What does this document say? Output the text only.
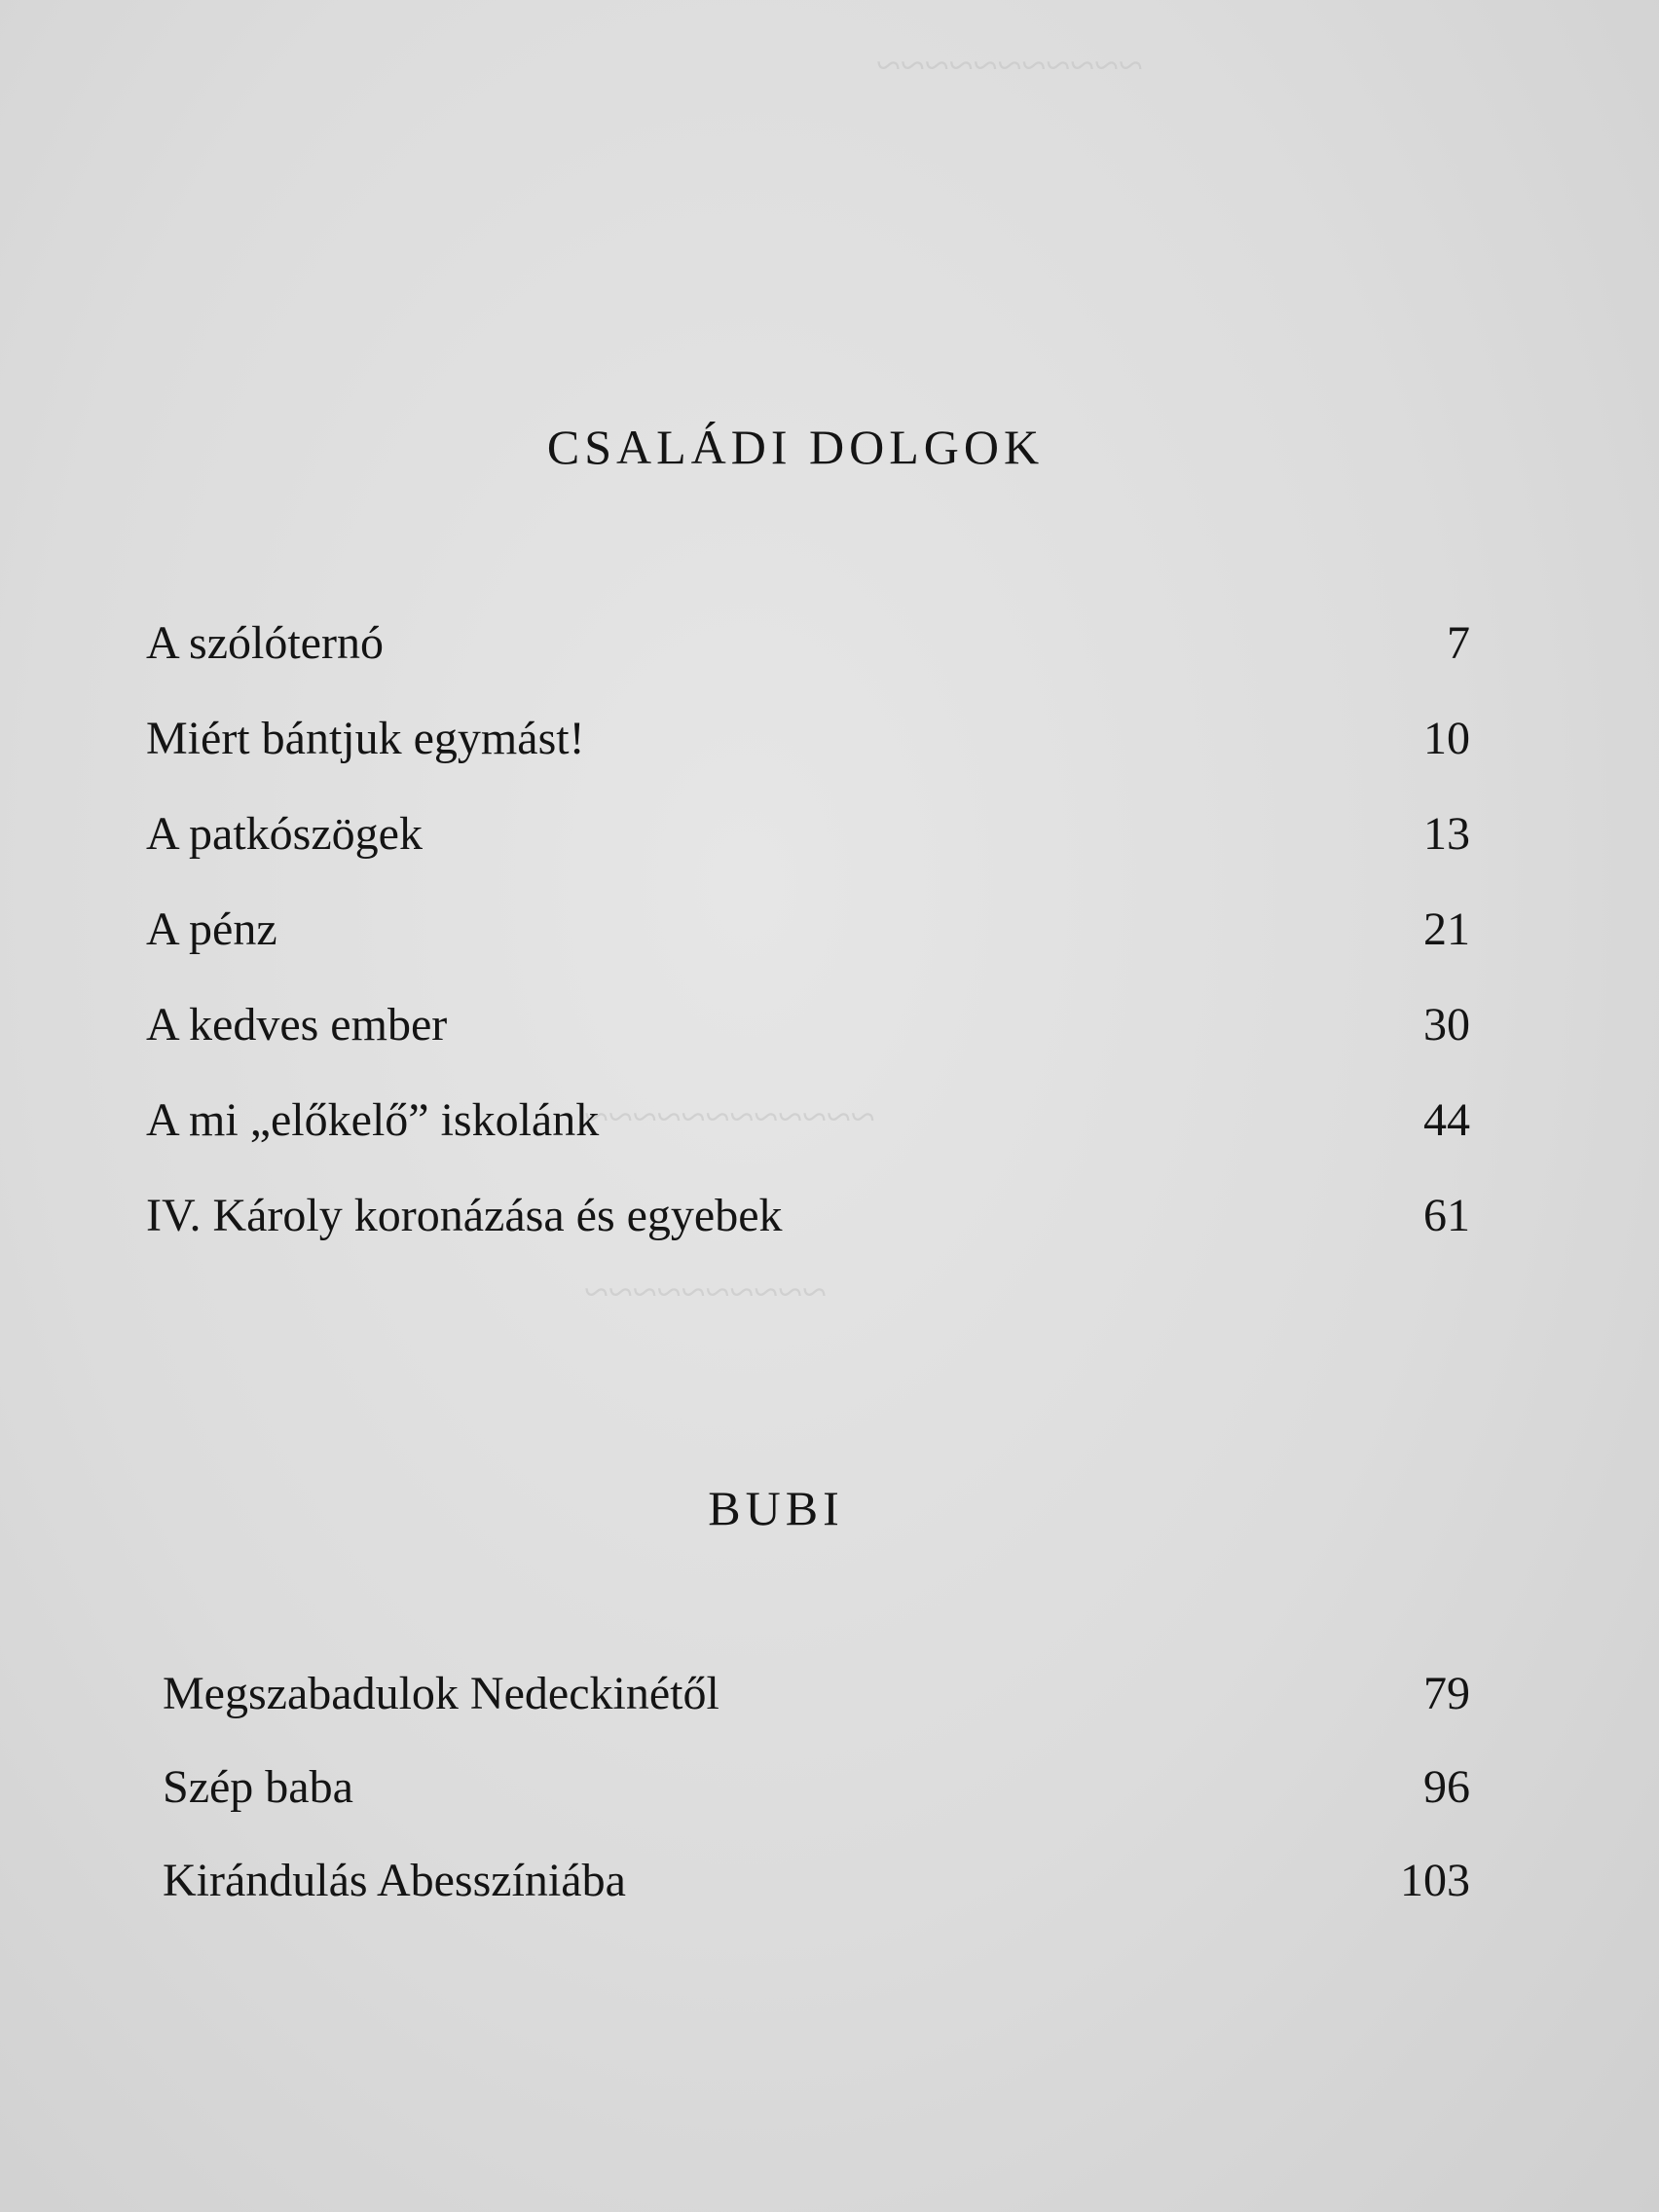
~~~~~~~~~~~
~~~~~~~~~~~~
~~~~~~~~~~
CSALÁDI DOLGOK
A szólóternó	7
Miért bántjuk egymást!	10
A patkószögek	13
A pénz	21
A kedves ember	30
A mi „előkelő” iskolánk	44
IV. Károly koronázása és egyebek	61
BUBI
Megszabadulok Nedeckinétől	79
Szép baba	96
Kirándulás Abesszíniába	103
